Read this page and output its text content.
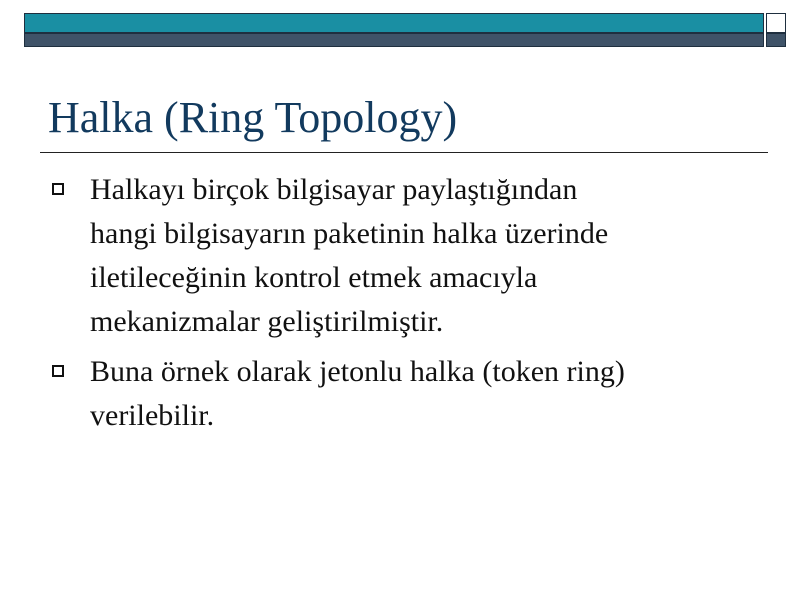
Halka (Ring Topology)
Halkayı birçok bilgisayar paylaştığından
hangi bilgisayarın paketinin halka üzerinde
iletileceğinin kontrol etmek amacıyla
mekanizmalar geliştirilmiştir.
Buna örnek olarak jetonlu halka (token ring)
verilebilir.
